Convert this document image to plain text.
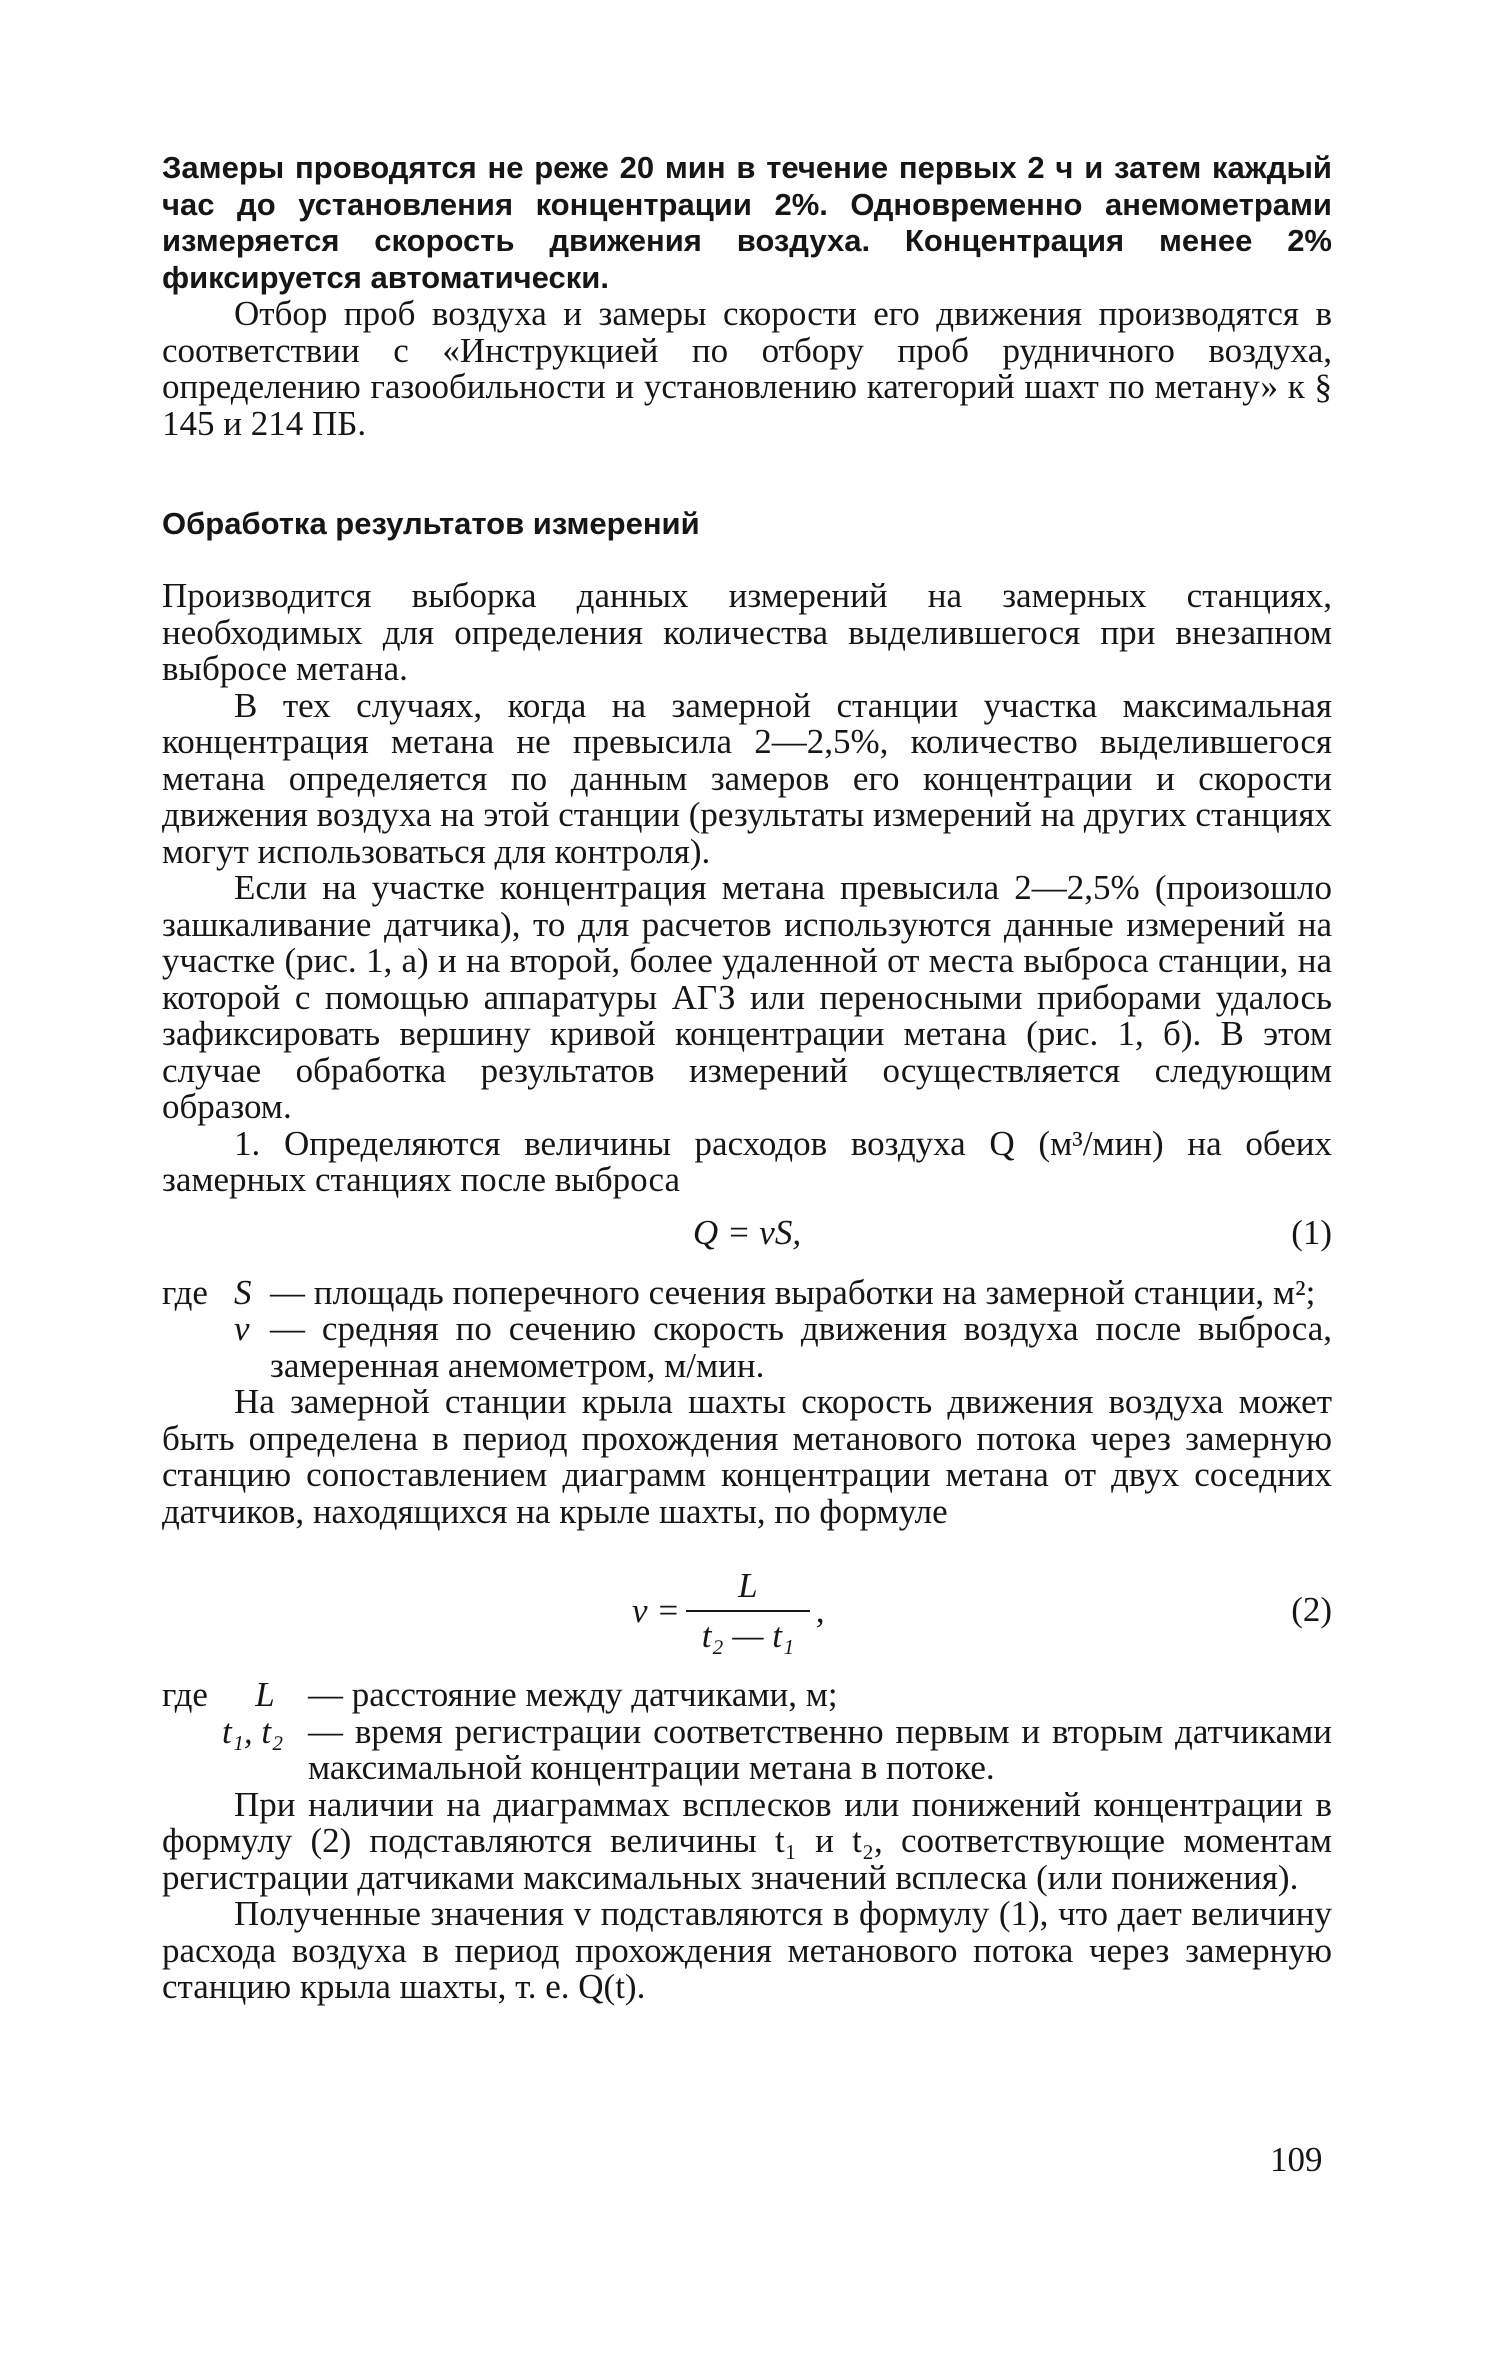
Замеры проводятся не реже 20 мин в течение первых 2 ч и затем каждый час до установления концентрации 2%. Одновременно анемометрами измеряется скорость движения воздуха. Концентрация менее 2% фиксируется автоматически.

Отбор проб воздуха и замеры скорости его движения производятся в соответствии с «Инструкцией по отбору проб рудничного воздуха, определению газообильности и установлению категорий шахт по метану» к § 145 и 214 ПБ.

Обработка результатов измерений

Производится выборка данных измерений на замерных станциях, необходимых для определения количества выделившегося при внезапном выбросе метана.

В тех случаях, когда на замерной станции участка максимальная концентрация метана не превысила 2—2,5%, количество выделившегося метана определяется по данным замеров его концентрации и скорости движения воздуха на этой станции (результаты измерений на других станциях могут использоваться для контроля).

Если на участке концентрация метана превысила 2—2,5% (произошло зашкаливание датчика), то для расчетов используются данные измерений на участке (рис. 1, а) и на второй, более удаленной от места выброса станции, на которой с помощью аппаратуры АГЗ или переносными приборами удалось зафиксировать вершину кривой концентрации метана (рис. 1, б). В этом случае обработка результатов измерений осуществляется следующим образом.

1. Определяются величины расходов воздуха Q (м³/мин) на обеих замерных станциях после выброса

Q = vS,	(1)
где S — площадь поперечного сечения выработки на замерной станции, м²;
v — средняя по сечению скорость движения воздуха после выброса, замеренная анемометром, м/мин.

На замерной станции крыла шахты скорость движения воздуха может быть определена в период прохождения метанового потока через замерную станцию сопоставлением диаграмм концентрации метана от двух соседних датчиков, находящихся на крыле шахты, по формуле

$v = \frac{L}{\text{t₂ — t₁}}$ ,	(2)
где	L — расстояние между датчиками, м;
t₁, t₂ — время регистрации соответственно первым и вторым датчиками максимальной концентрации метана в потоке.

При наличии на диаграммах всплесков или понижений концентрации в формулу (2) подставляются величины t₁ и t₂, соответствующие моментам регистрации датчиками максимальных значений всплеска (или понижения).

Полученные значения v подставляются в формулу (1), что дает величину расхода воздуха в период прохождения метанового потока через замерную станцию крыла шахты, т. е. Q(t).

109
